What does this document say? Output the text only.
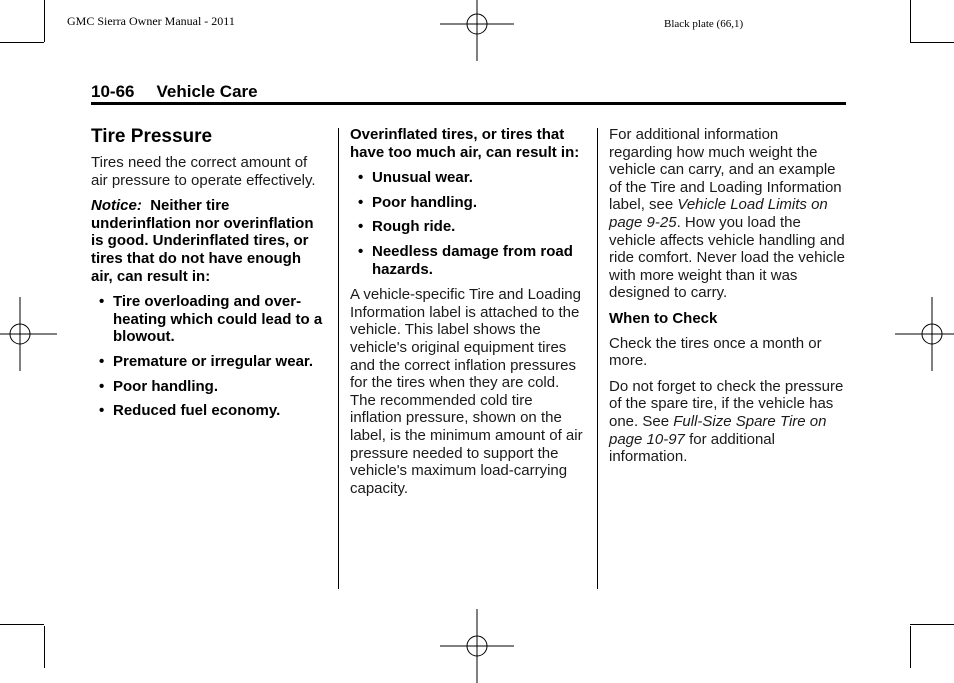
GMC Sierra Owner Manual - 2011	Black plate (66,1)
10-66 Vehicle Care
Tire Pressure

Tires need the correct amount of air pressure to operate effectively.

Notice: Neither tire underinflation nor overinflation is good. Underinflated tires, or tires that do not have enough air, can result in:

• Tire overloading and over-heating which could lead to a blowout.
• Premature or irregular wear.
• Poor handling.
• Reduced fuel economy.

Overinflated tires, or tires that have too much air, can result in:

• Unusual wear.
• Poor handling.
• Rough ride.
• Needless damage from road hazards.

A vehicle-specific Tire and Loading Information label is attached to the vehicle. This label shows the vehicle's original equipment tires and the correct inflation pressures for the tires when they are cold. The recommended cold tire inflation pressure, shown on the label, is the minimum amount of air pressure needed to support the vehicle's maximum load-carrying capacity.

For additional information regarding how much weight the vehicle can carry, and an example of the Tire and Loading Information label, see Vehicle Load Limits on page 9-25. How you load the vehicle affects vehicle handling and ride comfort. Never load the vehicle with more weight than it was designed to carry.

When to Check

Check the tires once a month or more.

Do not forget to check the pressure of the spare tire, if the vehicle has one. See Full-Size Spare Tire on page 10-97 for additional information.
